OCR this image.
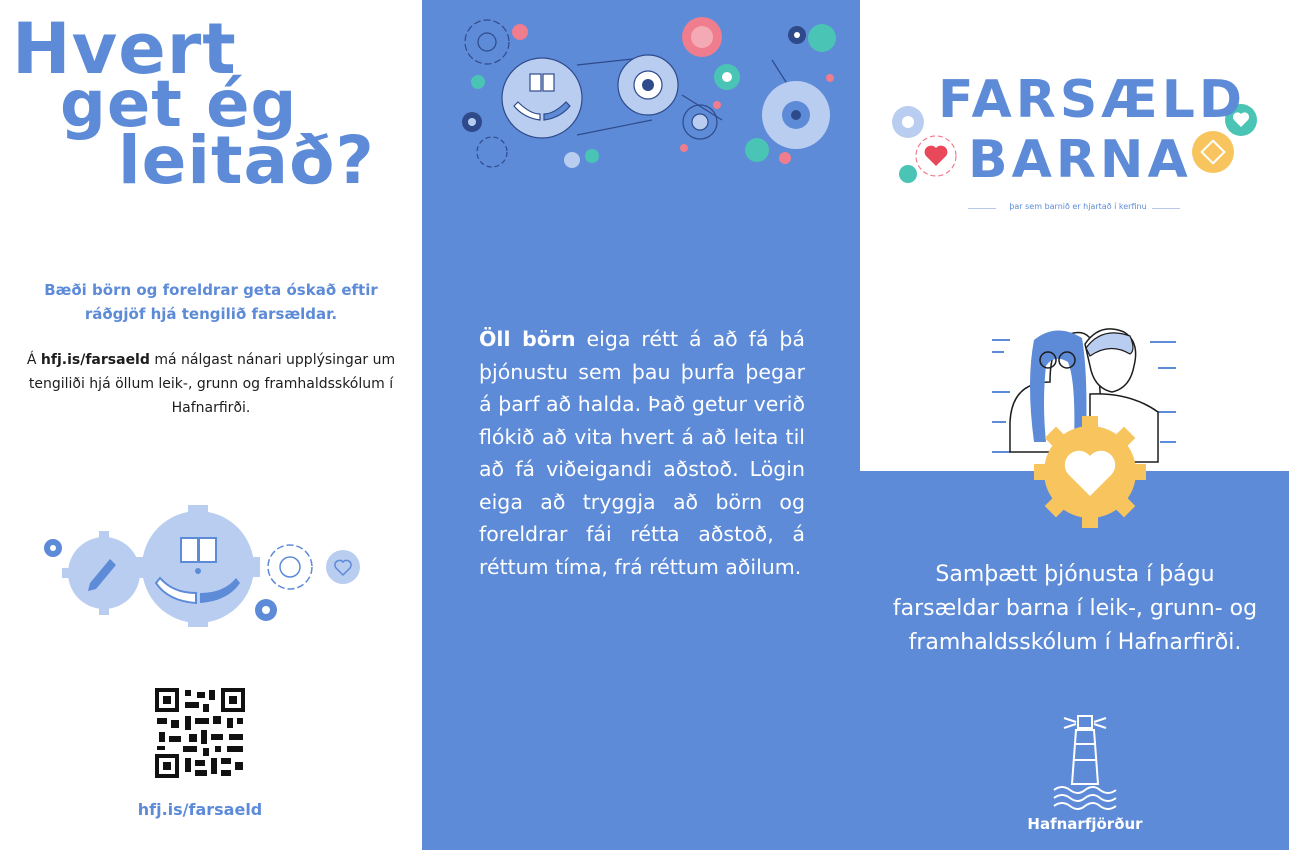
Hvert
get ég
leitað?

Bæði börn og foreldrar geta óskað eftir ráðgjöf hjá tengilið farsældar.

Á hfj.is/farsaeld má nálgast nánari upplýsingar um tengiliði hjá öllum leik-, grunn og framhaldsskólum í Hafnarfirði.

hfj.is/farsaeld

Öll börn eiga rétt á að fá þá þjónustu sem þau þurfa þegar á þarf að halda. Það getur verið flókið að vita hvert á að leita til að fá viðeigandi aðstoð. Lögin eiga að tryggja að börn og foreldrar fái rétta aðstoð, á réttum tíma, frá réttum aðilum.

FARSÆLD
BARNA
þar sem barnið er hjartað í kerfinu

Samþætt þjónusta í þágu farsældar barna í leik-, grunn- og framhaldsskólum í Hafnarfirði.

Hafnarfjörður
